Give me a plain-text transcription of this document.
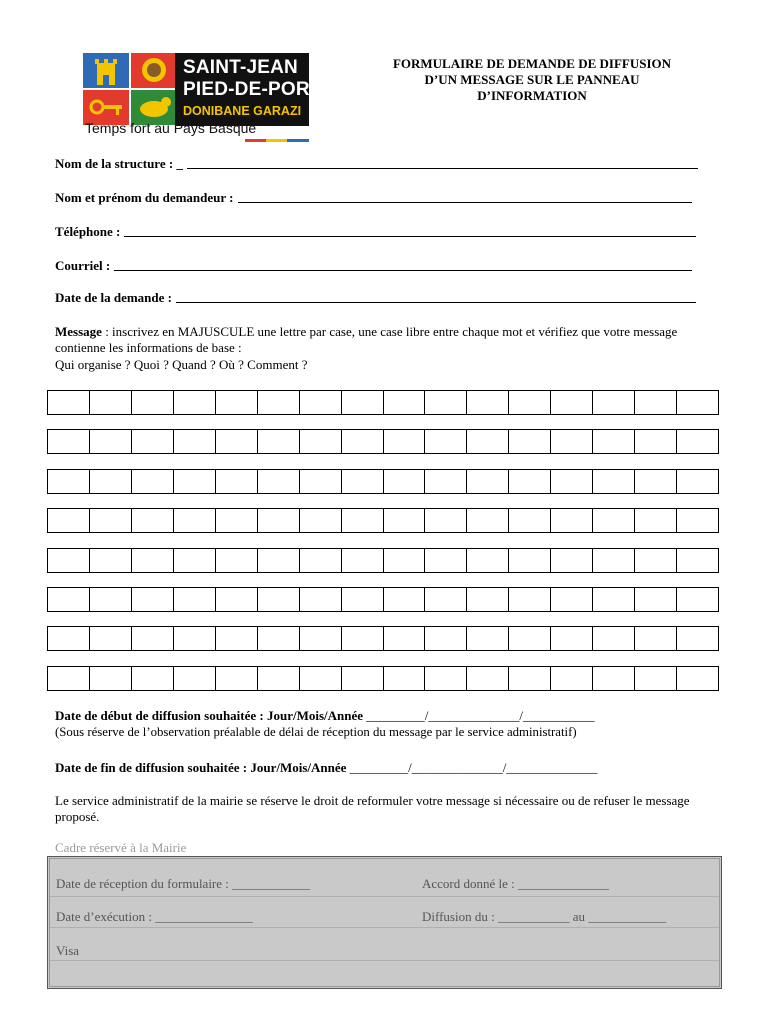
SAINT-JEAN
PIED-DE-PORT
DONIBANE GARAZI
Temps fort au Pays Basque
FORMULAIRE DE DEMANDE DE DIFFUSION
D’UN MESSAGE SUR LE PANNEAU
D’INFORMATION
Nom de la structure : _
Nom et prénom du demandeur :
Téléphone :
Courriel :
Date de la demande :
Message : inscrivez en MAJUSCULE une lettre par case, une case libre entre chaque mot et vérifiez que votre message contienne les informations de base :
Qui organise ? Quoi ? Quand ? Où ? Comment ?
Date de début de diffusion souhaitée : Jour/Mois/Année _________/______________/___________
(Sous réserve de l’observation préalable de délai de réception du message par le service administratif)
Date de fin de diffusion souhaitée : Jour/Mois/Année _________/______________/______________
Le service administratif de la mairie se réserve le droit de reformuler votre message si nécessaire ou de refuser le message proposé.
Cadre réservé à la Mairie
Date de réception du formulaire : ____________	Accord donné le : ______________
Date d’exécution : _______________	Diffusion du : ___________ au ____________
Visa
